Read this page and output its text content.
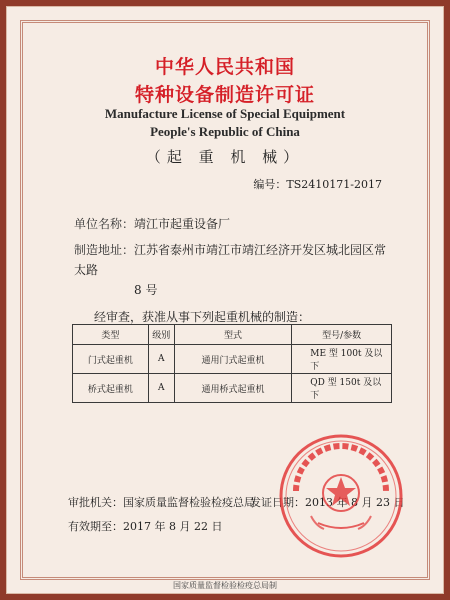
中华人民共和国
特种设备制造许可证
Manufacture License of Special Equipment
People's Republic of China
（起 重 机 械）
编号：TS2410171-2017
单位名称：靖江市起重设备厂
制造地址：江苏省泰州市靖江市靖江经济开发区城北园区常太路
8 号
经审查，获准从事下列起重机械的制造：
类型	级别	型式	型号/参数
门式起重机	A	通用门式起重机	ME 型 100t 及以下
桥式起重机	A	通用桥式起重机	QD 型 150t 及以下
审批机关：国家质量监督检验检疫总局
发证日期：2013 年 8 月 23 日
有效期至：2017 年 8 月 22 日
国家质量监督检验检疫总局制
